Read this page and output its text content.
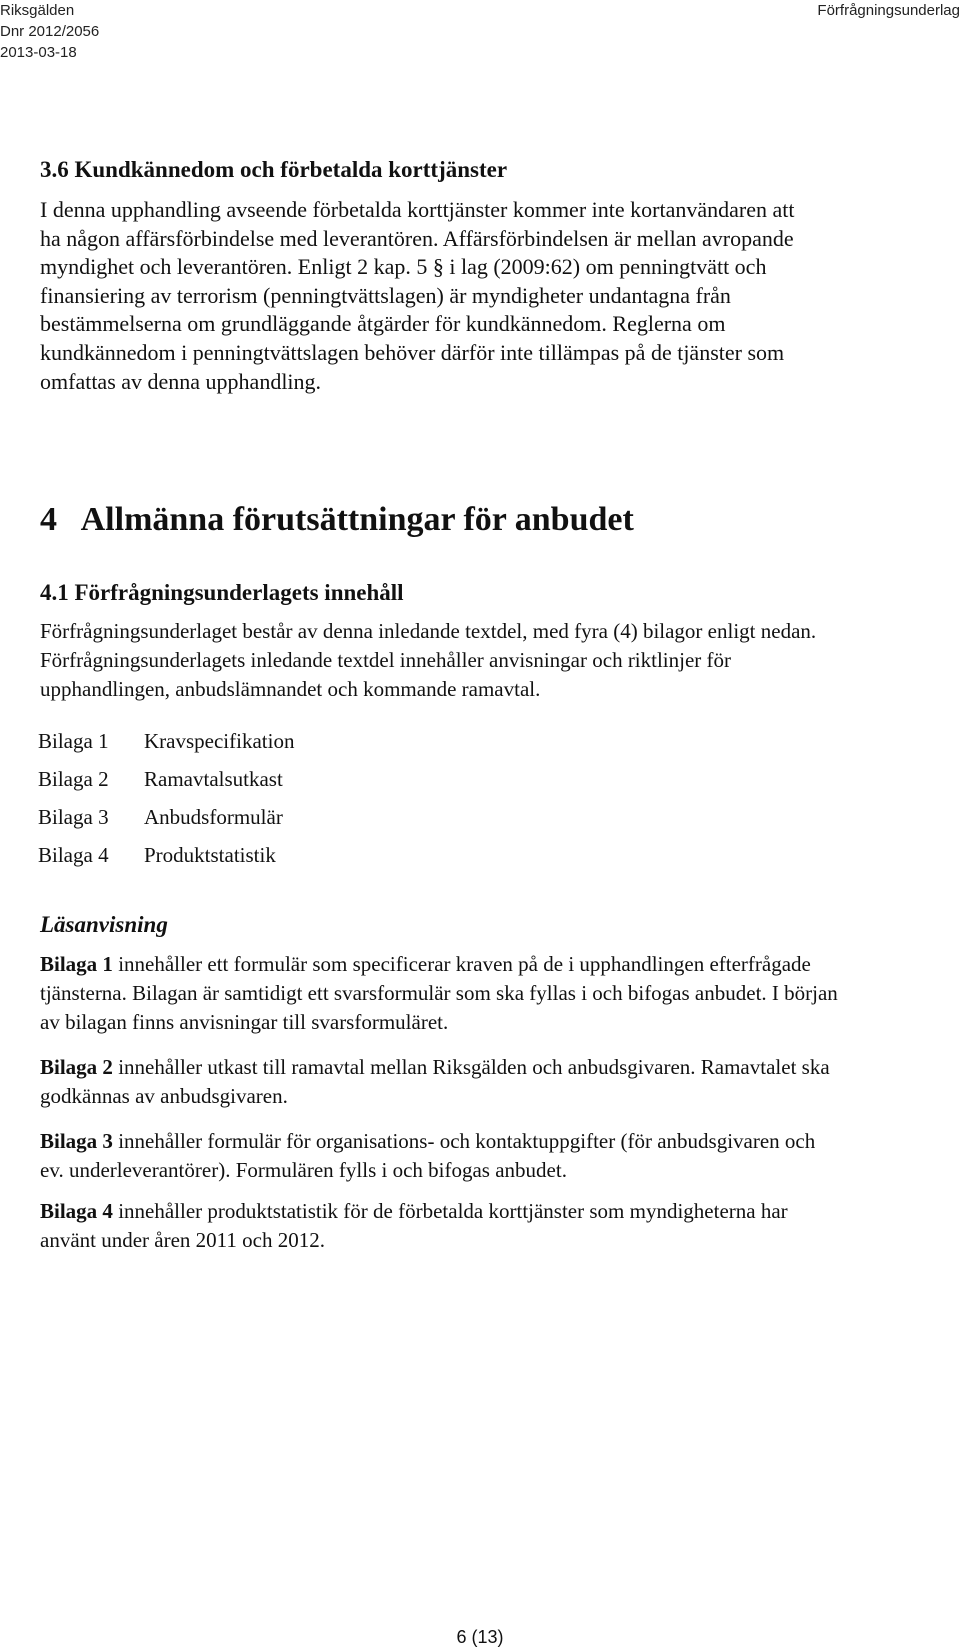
Riksgälden
Dnr 2012/2056
2013-03-18
Förfrågningsunderlag
3.6 Kundkännedom och förbetalda korttjänster
I denna upphandling avseende förbetalda korttjänster kommer inte kortanvändaren att
ha någon affärsförbindelse med leverantören. Affärsförbindelsen är mellan avropande
myndighet och leverantören. Enligt 2 kap. 5 § i lag (2009:62) om penningtvätt och
finansiering av terrorism (penningtvättslagen) är myndigheter undantagna från
bestämmelserna om grundläggande åtgärder för kundkännedom. Reglerna om
kundkännedom i penningtvättslagen behöver därför inte tillämpas på de tjänster som
omfattas av denna upphandling.
4   Allmänna förutsättningar för anbudet
4.1 Förfrågningsunderlagets innehåll
Förfrågningsunderlaget består av denna inledande textdel, med fyra (4) bilagor enligt nedan.
Förfrågningsunderlagets inledande textdel innehåller anvisningar och riktlinjer för
upphandlingen, anbudslämnandet och kommande ramavtal.
Bilaga 1	Kravspecifikation
Bilaga 2	Ramavtalsutkast
Bilaga 3	Anbudsformulär
Bilaga 4	Produktstatistik
Läsanvisning
Bilaga 1 innehåller ett formulär som specificerar kraven på de i upphandlingen efterfrågade
tjänsterna. Bilagan är samtidigt ett svarsformulär som ska fyllas i och bifogas anbudet. I början
av bilagan finns anvisningar till svarsformuläret.
Bilaga 2 innehåller utkast till ramavtal mellan Riksgälden och anbudsgivaren. Ramavtalet ska
godkännas av anbudsgivaren.
Bilaga 3 innehåller formulär för organisations- och kontaktuppgifter (för anbudsgivaren och
ev. underleverantörer). Formulären fylls i och bifogas anbudet.
Bilaga 4 innehåller produktstatistik för de förbetalda korttjänster som myndigheterna har
använt under åren 2011 och 2012.
6 (13)
